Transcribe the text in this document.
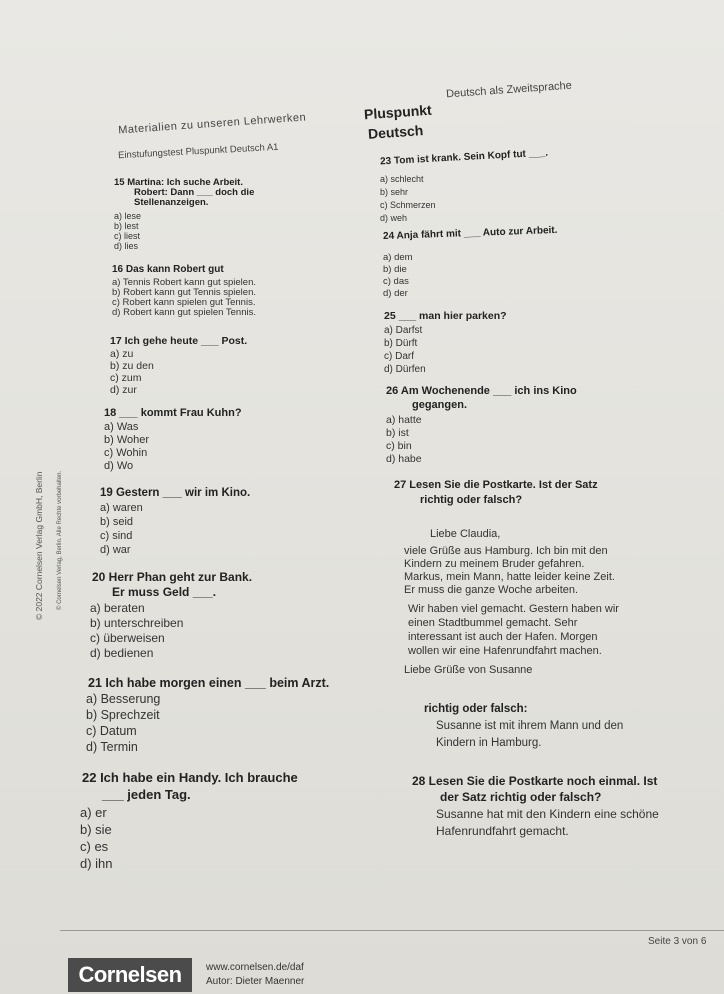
Materialien zu unseren Lehrwerken	Pluspunkt
Deutsch
Deutsch als Zweitsprache
Einstufungstest Pluspunkt Deutsch A1
15 Martina: Ich suche Arbeit.
Robert: Dann ___ doch die
Stellenanzeigen.
a) lese
b) lest
c) liest
d) lies
16 Das kann Robert gut
a) Tennis Robert kann gut spielen.
b) Robert kann gut Tennis spielen.
c) Robert kann spielen gut Tennis.
d) Robert kann gut spielen Tennis.
17 Ich gehe heute ___ Post.
a) zu
b) zu den
c) zum
d) zur
18 ___ kommt Frau Kuhn?
a) Was
b) Woher
c) Wohin
d) Wo
19 Gestern ___ wir im Kino.
a) waren
b) seid
c) sind
d) war
20 Herr Phan geht zur Bank.
Er muss Geld ___.
a) beraten
b) unterschreiben
c) überweisen
d) bedienen
21 Ich habe morgen einen ___ beim Arzt.
a) Besserung
b) Sprechzeit
c) Datum
d) Termin
22 Ich habe ein Handy. Ich brauche
___ jeden Tag.
a) er
b) sie
c) es
d) ihn
23 Tom ist krank. Sein Kopf tut ___.
a) schlecht
b) sehr
c) Schmerzen
d) weh
24 Anja fährt mit ___ Auto zur Arbeit.
a) dem
b) die
c) das
d) der
25 ___ man hier parken?
a) Darfst
b) Dürft
c) Darf
d) Dürfen
26 Am Wochenende ___ ich ins Kino
gegangen.
a) hatte
b) ist
c) bin
d) habe
27 Lesen Sie die Postkarte. Ist der Satz
richtig oder falsch?
Liebe Claudia,
viele Grüße aus Hamburg. Ich bin mit den
Kindern zu meinem Bruder gefahren.
Markus, mein Mann, hatte leider keine Zeit.
Er muss die ganze Woche arbeiten.
Wir haben viel gemacht. Gestern haben wir
einen Stadtbummel gemacht. Sehr
interessant ist auch der Hafen. Morgen
wollen wir eine Hafenrundfahrt machen.
Liebe Grüße von Susanne
richtig oder falsch:
Susanne ist mit ihrem Mann und den
Kindern in Hamburg.
28 Lesen Sie die Postkarte noch einmal. Ist
der Satz richtig oder falsch?
Susanne hat mit den Kindern eine schöne
Hafenrundfahrt gemacht.
© 2022 Cornelsen Verlag GmbH, Berlin © Cornelsen Verlag, Berlin. Alle Rechte vorbehalten.
Seite 3 von 6
Cornelsen	www.cornelsen.de/daf
Autor: Dieter Maenner
